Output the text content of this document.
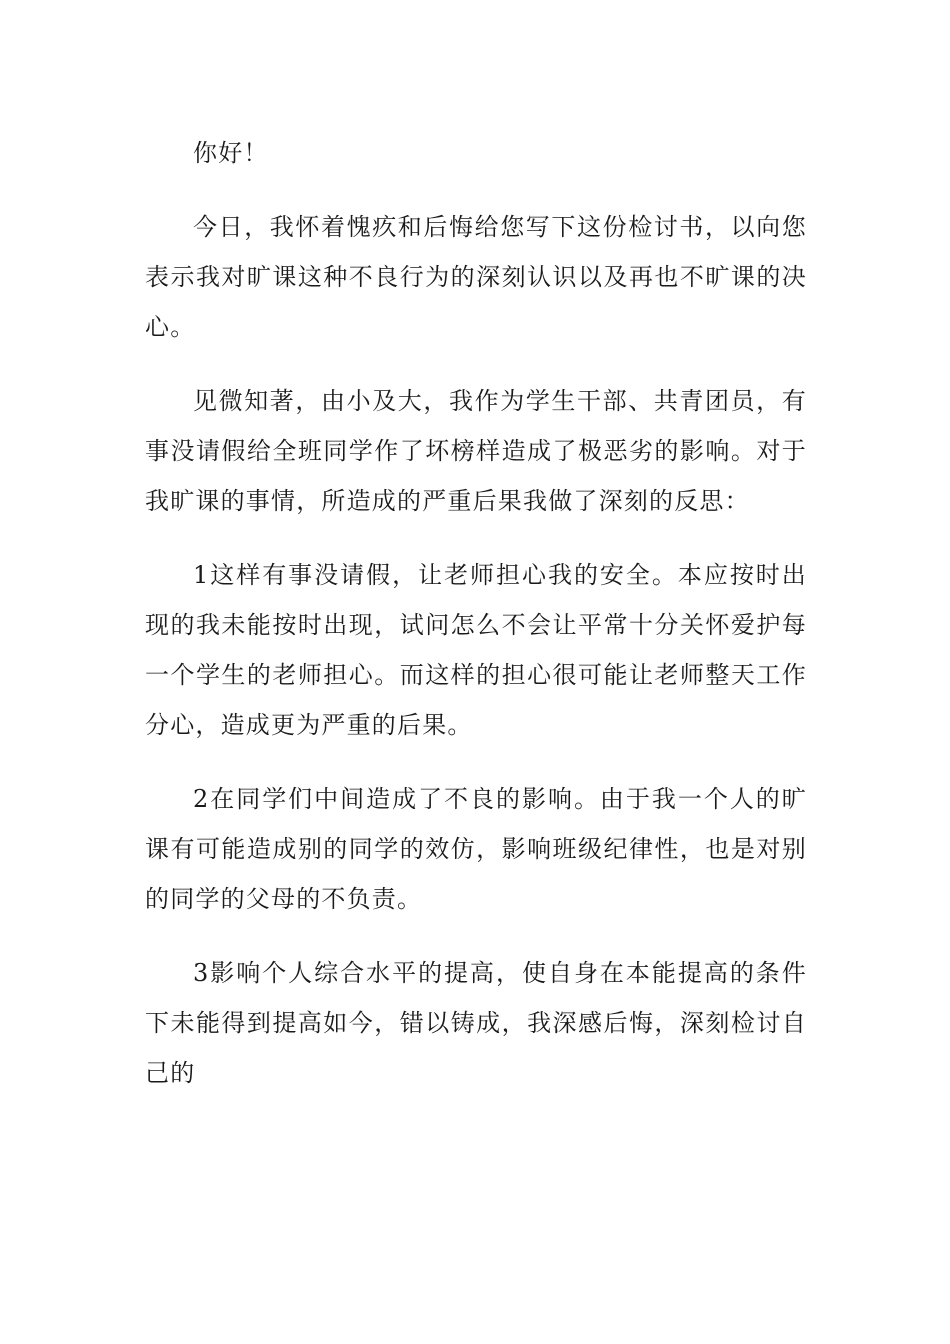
你好！

今日，我怀着愧疚和后悔给您写下这份检讨书，以向您表示我对旷课这种不良行为的深刻认识以及再也不旷课的决心。

见微知著，由小及大，我作为学生干部、共青团员，有事没请假给全班同学作了坏榜样造成了极恶劣的影响。对于我旷课的事情，所造成的严重后果我做了深刻的反思：

1这样有事没请假，让老师担心我的安全。本应按时出现的我未能按时出现，试问怎么不会让平常十分关怀爱护每一个学生的老师担心。而这样的担心很可能让老师整天工作分心，造成更为严重的后果。

2在同学们中间造成了不良的影响。由于我一个人的旷课有可能造成别的同学的效仿，影响班级纪律性，也是对别的同学的父母的不负责。

3影响个人综合水平的提高，使自身在本能提高的条件下未能得到提高如今，错以铸成，我深感后悔，深刻检讨自己的
